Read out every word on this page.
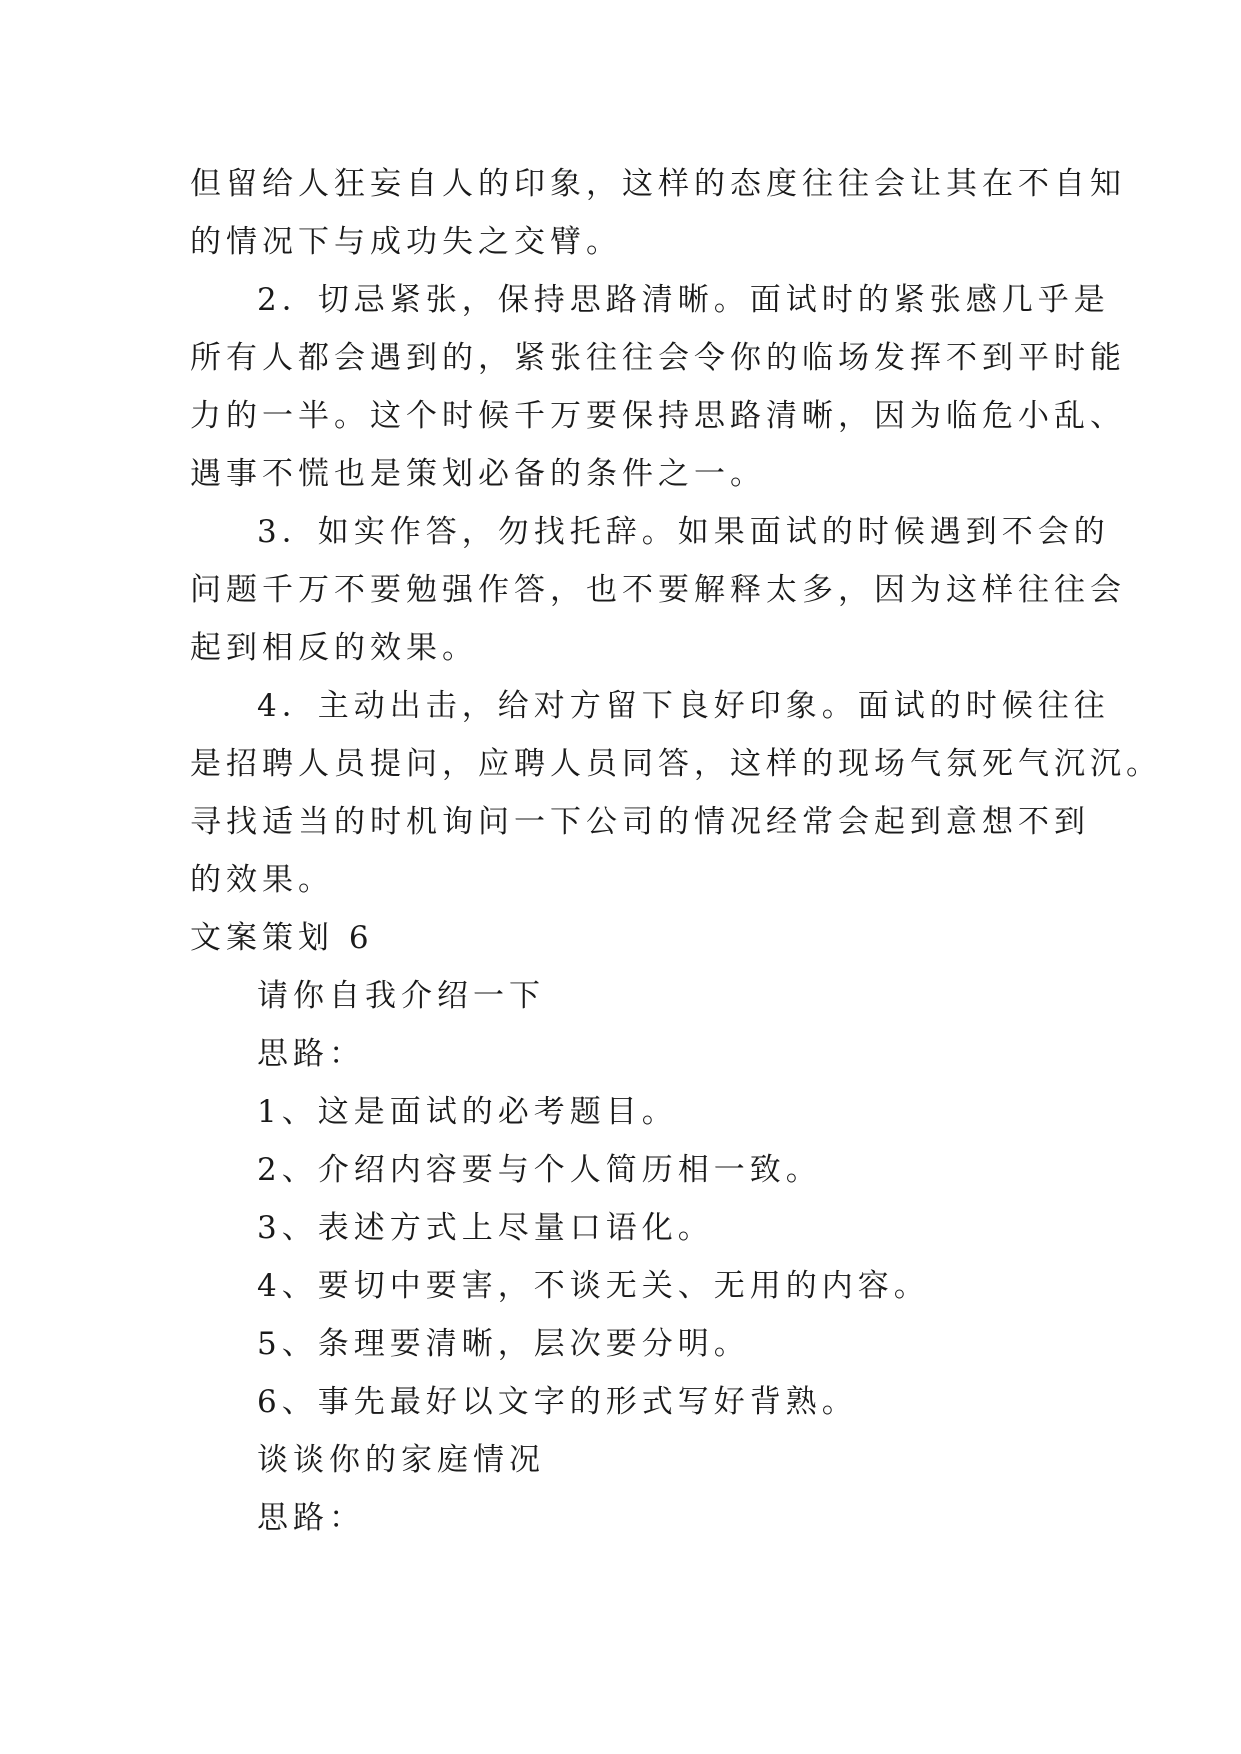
但留给人狂妄自人的印象，这样的态度往往会让其在不自知
的情况下与成功失之交臂。
2．切忌紧张，保持思路清晰。面试时的紧张感几乎是
所有人都会遇到的，紧张往往会令你的临场发挥不到平时能
力的一半。这个时候千万要保持思路清晰，因为临危小乱、
遇事不慌也是策划必备的条件之一。
3．如实作答，勿找托辞。如果面试的时候遇到不会的
问题千万不要勉强作答，也不要解释太多，因为这样往往会
起到相反的效果。
4．主动出击，给对方留下良好印象。面试的时候往往
是招聘人员提问，应聘人员同答，这样的现场气氛死气沉沉。
寻找适当的时机询问一下公司的情况经常会起到意想不到
的效果。
文案策划 6
请你自我介绍一下
思路：
1、这是面试的必考题目。
2、介绍内容要与个人简历相一致。
3、表述方式上尽量口语化。
4、要切中要害，不谈无关、无用的内容。
5、条理要清晰，层次要分明。
6、事先最好以文字的形式写好背熟。
谈谈你的家庭情况
思路：
